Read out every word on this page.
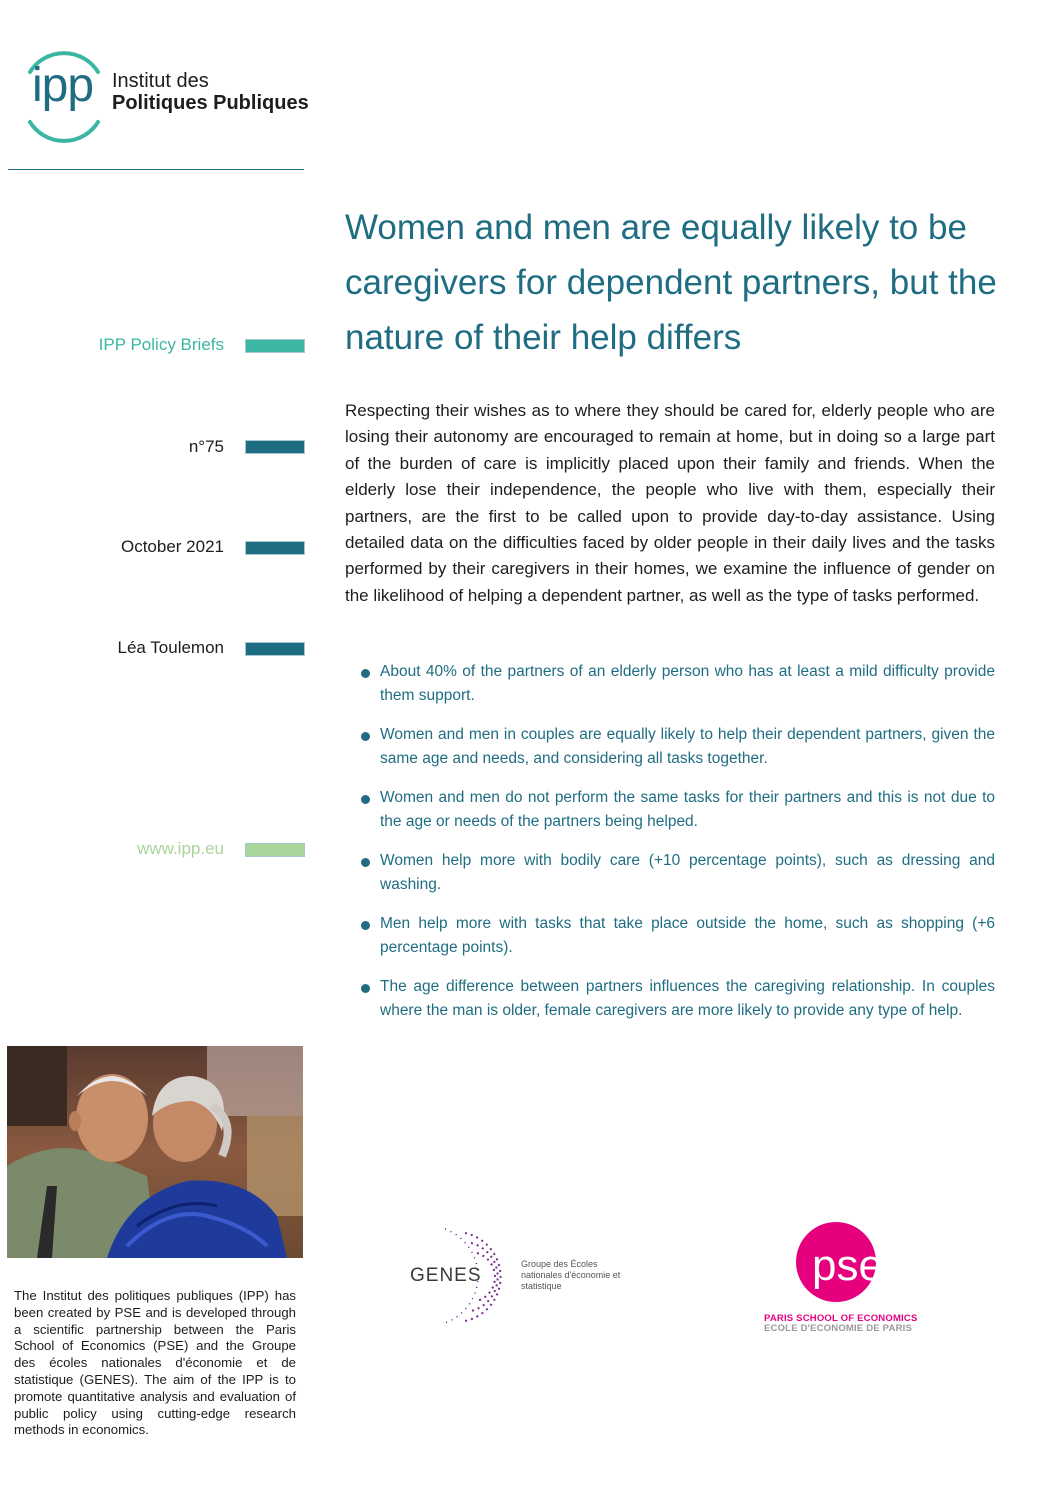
ipp Institut des
Politiques Publiques
IPP Policy Briefs
n°75
October 2021
Léa Toulemon
www.ipp.eu
Women and men are equally likely to be caregivers for dependent partners, but the nature of their help differs
Respecting their wishes as to where they should be cared for, elderly people who are losing their autonomy are encouraged to remain at home, but in doing so a large part of the burden of care is implicitly placed upon their family and friends. When the elderly lose their independence, the people who live with them, especially their partners, are the first to be called upon to provide day-to-day assistance. Using detailed data on the difficulties faced by older people in their daily lives and the tasks performed by their caregivers in their homes, we examine the influence of gender on the likelihood of helping a dependent partner, as well as the type of tasks performed.
About 40% of the partners of an elderly person who has at least a mild difficulty provide them support.
Women and men in couples are equally likely to help their dependent partners, given the same age and needs, and considering all tasks together.
Women and men do not perform the same tasks for their partners and this is not due to the age or needs of the partners being helped.
Women help more with bodily care (+10 percentage points), such as dressing and washing.
Men help more with tasks that take place outside the home, such as shopping (+6 percentage points).
The age difference between partners influences the caregiving relationship. In couples where the man is older, female caregivers are more likely to provide any type of help.
The Institut des politiques publiques (IPP) has been created by PSE and is developed through a scientific partnership between the Paris School of Economics (PSE) and the Groupe des écoles nationales d'économie et de statistique (GENES). The aim of the IPP is to promote quantitative analysis and evaluation of public policy using cutting-edge research methods in economics.
GENES
Groupe des Écoles nationales d'économie et statistique	pse
PARIS SCHOOL OF ECONOMICS
ECOLE D'ECONOMIE DE PARIS
